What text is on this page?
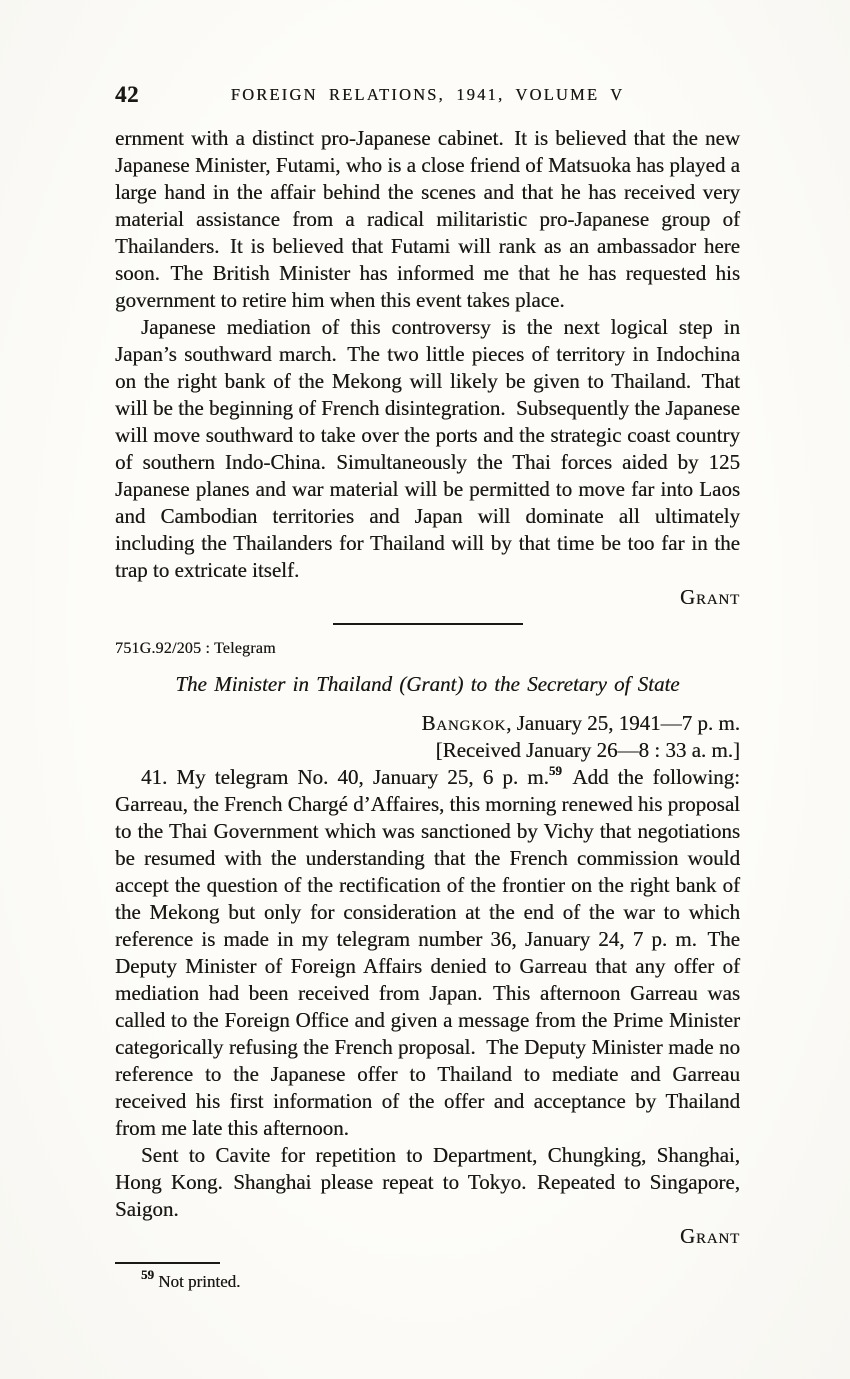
42	FOREIGN RELATIONS, 1941, VOLUME V

ernment with a distinct pro-Japanese cabinet. It is believed that the new Japanese Minister, Futami, who is a close friend of Matsuoka has played a large hand in the affair behind the scenes and that he has received very material assistance from a radical militaristic pro-Japanese group of Thailanders. It is believed that Futami will rank as an ambassador here soon. The British Minister has informed me that he has requested his government to retire him when this event takes place.

Japanese mediation of this controversy is the next logical step in Japan’s southward march. The two little pieces of territory in Indochina on the right bank of the Mekong will likely be given to Thailand. That will be the beginning of French disintegration. Subsequently the Japanese will move southward to take over the ports and the strategic coast country of southern Indo-China. Simultaneously the Thai forces aided by 125 Japanese planes and war material will be permitted to move far into Laos and Cambodian territories and Japan will dominate all ultimately including the Thailanders for Thailand will by that time be too far in the trap to extricate itself.

Grant
751G.92/205 : Telegram
The Minister in Thailand (Grant) to the Secretary of State
Bangkok, January 25, 1941—7 p. m.
[Received January 26—8 : 33 a. m.]

41. My telegram No. 40, January 25, 6 p. m.$^{59}$ Add the following: Garreau, the French Chargé d’Affaires, this morning renewed his proposal to the Thai Government which was sanctioned by Vichy that negotiations be resumed with the understanding that the French commission would accept the question of the rectification of the frontier on the right bank of the Mekong but only for consideration at the end of the war to which reference is made in my telegram number 36, January 24, 7 p. m. The Deputy Minister of Foreign Affairs denied to Garreau that any offer of mediation had been received from Japan. This afternoon Garreau was called to the Foreign Office and given a message from the Prime Minister categorically refusing the French proposal. The Deputy Minister made no reference to the Japanese offer to Thailand to mediate and Garreau received his first information of the offer and acceptance by Thailand from me late this afternoon.

Sent to Cavite for repetition to Department, Chungking, Shanghai, Hong Kong. Shanghai please repeat to Tokyo. Repeated to Singapore, Saigon.

Grant
$^{59}$ Not printed.
